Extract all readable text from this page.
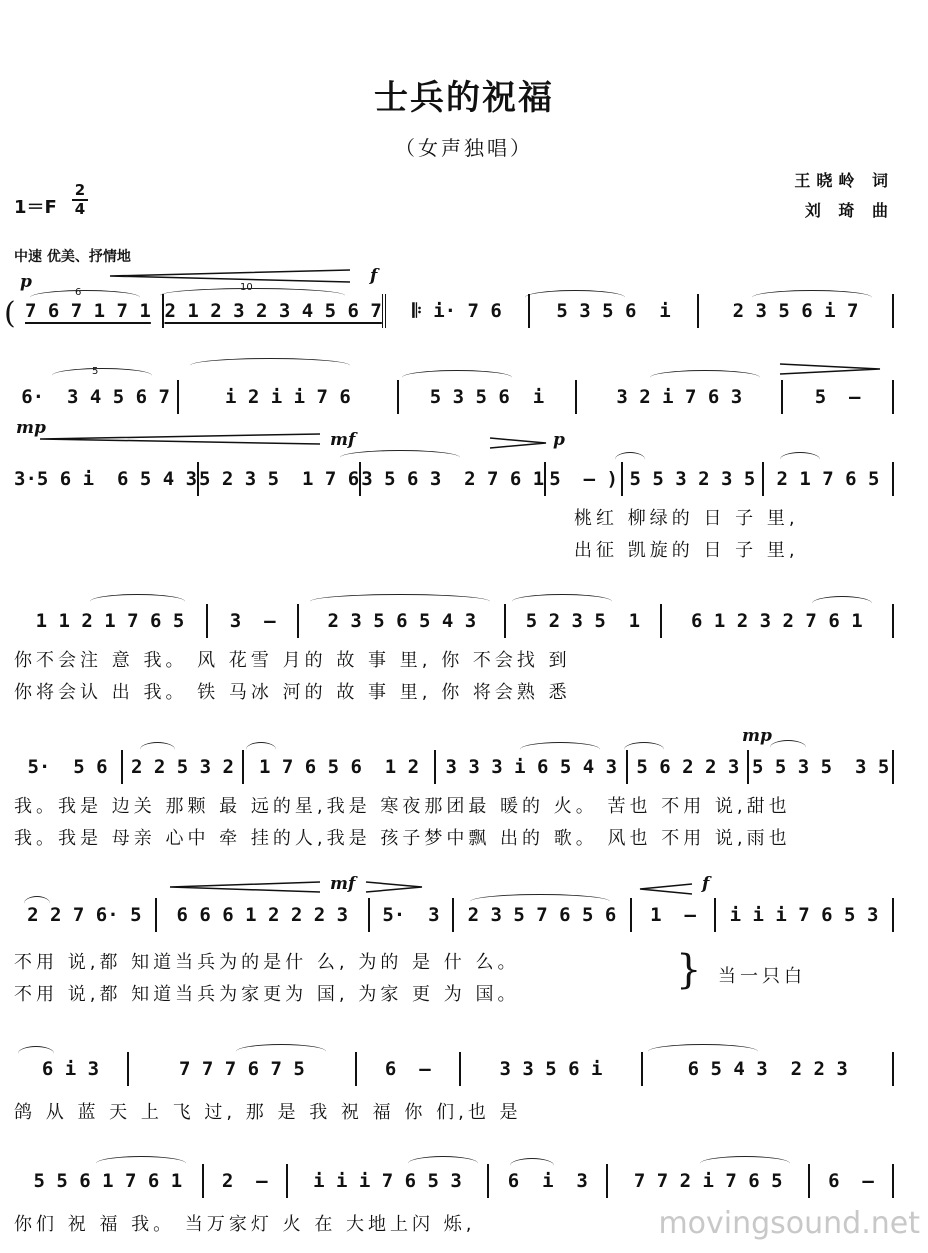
士兵的祝福
（女声独唱）
王晓岭 词
刘 琦 曲
1＝F
2
4
中速 优美、抒情地
p	f
mp
mf	p
mp
mf	f
6	10
5
( 7 6 7 1 7 1 2 1 2 3 2 3 4 5 6 7	𝄆 i· 7 6	5 3 5 6  i	2 3 5 6 i 7
6·  3 4 5 6 7	i 2 i i 7 6	5 3 5 6  i	3 2 i 7 6 3	5  –
3·5 6 i  6 5 4 3 5 2 3 5  1 7 6 3 5 6 3  2 7 6 1 5  – ) 5 5 3 2 3 5	2 1 7 6 5
桃红 柳绿的 日 子 里,
出征 凯旋的 日 子 里,
1 1 2 1 7 6 5	3  –	2 3 5 6 5 4 3	5 2 3 5  1	6 1 2 3 2 7 6 1
你不会注 意 我。 风 花雪 月的 故 事 里, 你 不会找 到
你将会认 出 我。 铁 马冰 河的 故 事 里, 你 将会熟 悉
5·  5 6	2 2 5 3 2	1 7 6 5 6  1 2	3 3 3 i 6 5 4 3	5 6 2 2 3 5 5 3 5  3 5
我。我是 边关 那颗 最 远的星,我是 寒夜那团最 暖的 火。 苦也 不用 说,甜也
我。我是 母亲 心中 牵 挂的人,我是 孩子梦中飘 出的 歌。 风也 不用 说,雨也
2 2 7 6· 5	6 6 6 1 2 2 2 3	5·  3	2 3 5 7 6 5 6	1  –	i i i 7 6 5 3
不用 说,都 知道当兵为的是什 么, 为的 是 什 么。
不用 说,都 知道当兵为家更为 国, 为家 更 为 国。
} 当一只白
6 i 3	7 7 7 6 7 5	6  –	3 3 5 6 i	6 5 4 3  2 2 3
鸽 从 蓝 天 上 飞 过, 那 是 我 祝 福 你 们,也 是
5 5 6 1 7 6 1	2  –	i i i 7 6 5 3	6  i  3	7 7 2 i 7 6 5	6  –
你们 祝 福 我。 当万家灯 火 在 大地上闪 烁,	movingsound.net
